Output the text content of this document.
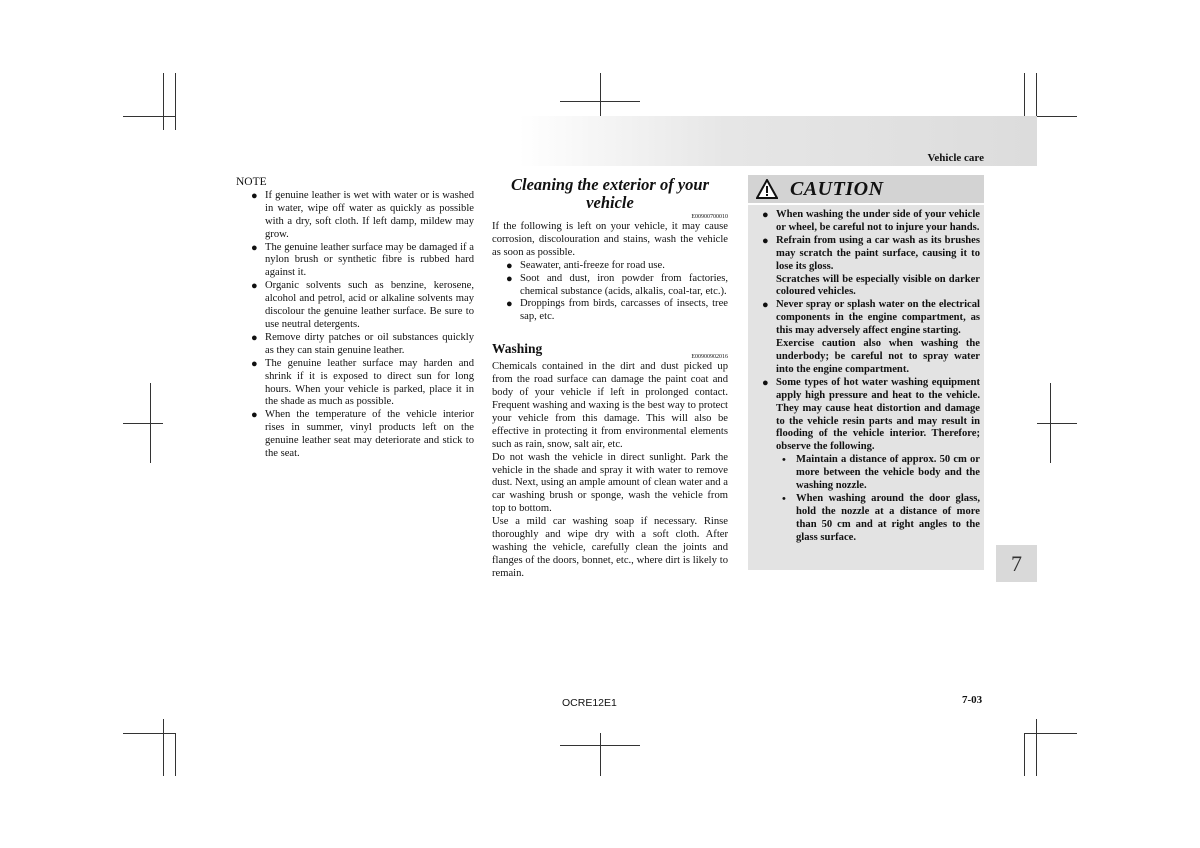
Vehicle care
NOTE
● If genuine leather is wet with water or is washed in water, wipe off water as quickly as possible with a dry, soft cloth. If left damp, mildew may grow.
● The genuine leather surface may be damaged if a nylon brush or synthetic fibre is rubbed hard against it.
● Organic solvents such as benzine, kerosene, alcohol and petrol, acid or alkaline solvents may discolour the genuine leather surface. Be sure to use neutral detergents.
● Remove dirty patches or oil substances quickly as they can stain genuine leather.
● The genuine leather surface may harden and shrink if it is exposed to direct sun for long hours. When your vehicle is parked, place it in the shade as much as possible.
● When the temperature of the vehicle interior rises in summer, vinyl products left on the genuine leather seat may deteriorate and stick to the seat.
Cleaning the exterior of your vehicle
E00900700010

If the following is left on your vehicle, it may cause corrosion, discolouration and stains, wash the vehicle as soon as possible.

● Seawater, anti-freeze for road use.
● Soot and dust, iron powder from factories, chemical substance (acids, alkalis, coal-tar, etc.).
● Droppings from birds, carcasses of insects, tree sap, etc.
Washing
E00900902016

Chemicals contained in the dirt and dust picked up from the road surface can damage the paint coat and body of your vehicle if left in prolonged contact. Frequent washing and waxing is the best way to protect your vehicle from this damage. This will also be effective in protecting it from environmental elements such as rain, snow, salt air, etc.

Do not wash the vehicle in direct sunlight. Park the vehicle in the shade and spray it with water to remove dust. Next, using an ample amount of clean water and a car washing brush or sponge, wash the vehicle from top to bottom.

Use a mild car washing soap if necessary. Rinse thoroughly and wipe dry with a soft cloth. After washing the vehicle, carefully clean the joints and flanges of the doors, bonnet, etc., where dirt is likely to remain.

CAUTION
● When washing the under side of your vehicle or wheel, be careful not to injure your hands.
● Refrain from using a car wash as its brushes may scratch the paint surface, causing it to lose its gloss.
Scratches will be especially visible on darker coloured vehicles.
● Never spray or splash water on the electrical components in the engine compartment, as this may adversely affect engine starting.
Exercise caution also when washing the underbody; be careful not to spray water into the engine compartment.
● Some types of hot water washing equipment apply high pressure and heat to the vehicle. They may cause heat distortion and damage to the vehicle resin parts and may result in flooding of the vehicle interior. Therefore; observe the following.
• Maintain a distance of approx. 50 cm or more between the vehicle body and the washing nozzle.
• When washing around the door glass, hold the nozzle at a distance of more than 50 cm and at right angles to the glass surface.
7
OCRE12E1	7-03
